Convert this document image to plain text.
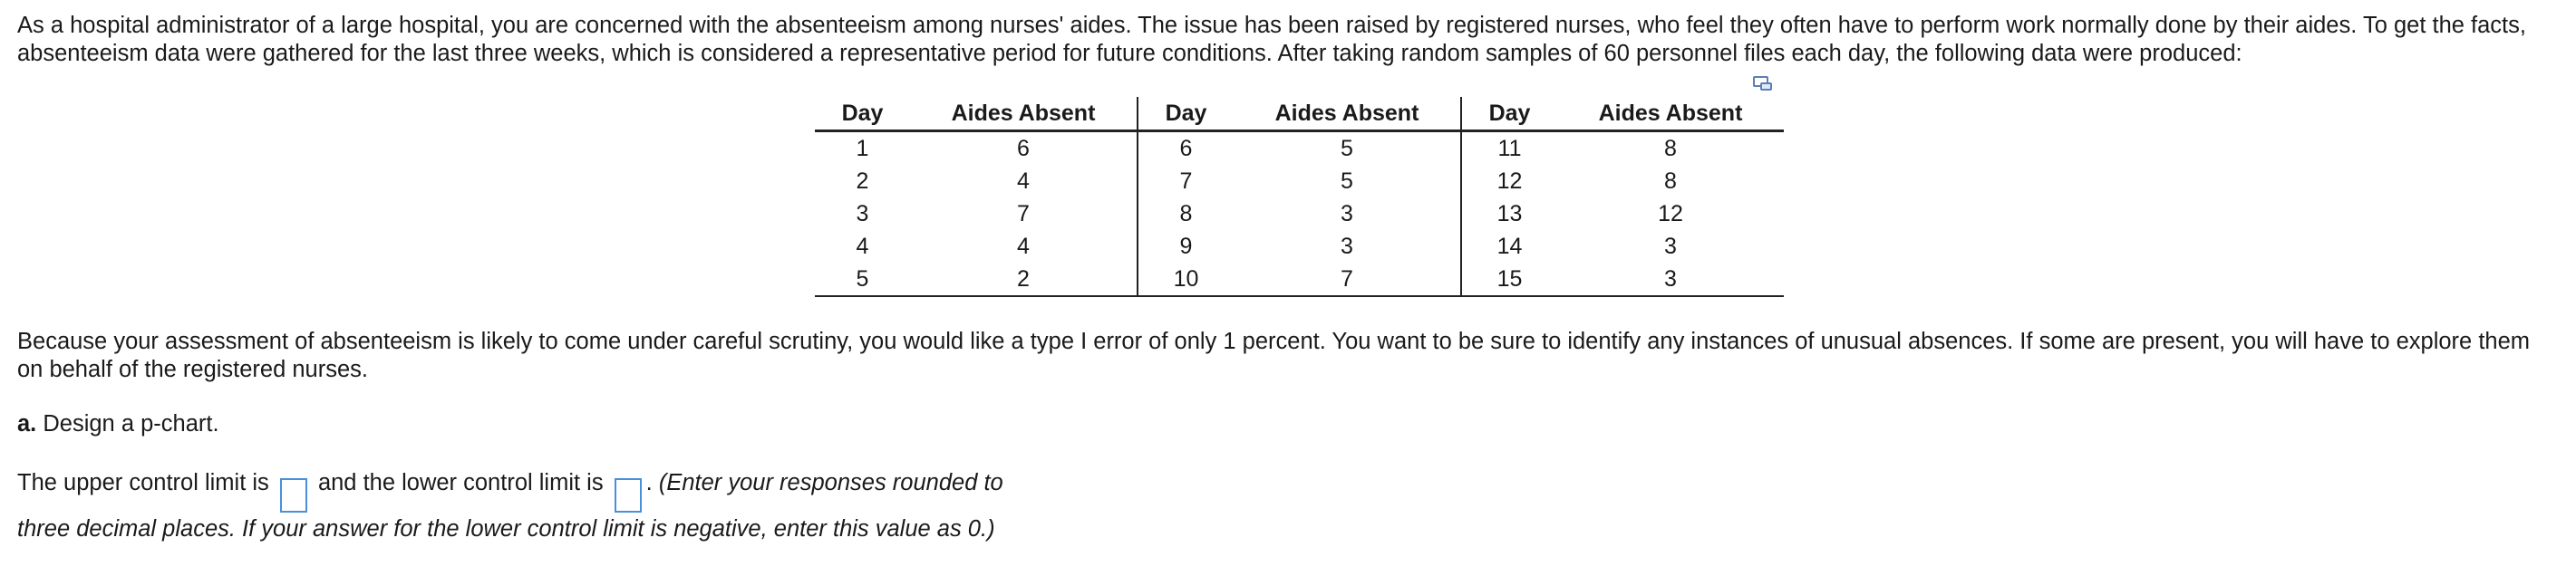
As a hospital administrator of a large hospital, you are concerned with the absenteeism among nurses' aides. The issue has been raised by registered nurses, who feel they often have to perform work normally done by their aides. To get the facts, absenteeism data were gathered for the last three weeks, which is considered a representative period for future conditions. After taking random samples of 60 personnel files each day, the following data were produced:

Day	Aides Absent	Day	Aides Absent	Day	Aides Absent
1	6	6	5	11	8
2	4	7	5	12	8
3	7	8	3	13	12
4	4	9	3	14	3
5	2	10	7	15	3

Because your assessment of absenteeism is likely to come under careful scrutiny, you would like a type I error of only 1 percent. You want to be sure to identify any instances of unusual absences. If some are present, you will have to explore them on behalf of the registered nurses.

a. Design a p-chart.

The upper control limit is  and the lower control limit is . (Enter your responses rounded to three decimal places. If your answer for the lower control limit is negative, enter this value as 0.)
